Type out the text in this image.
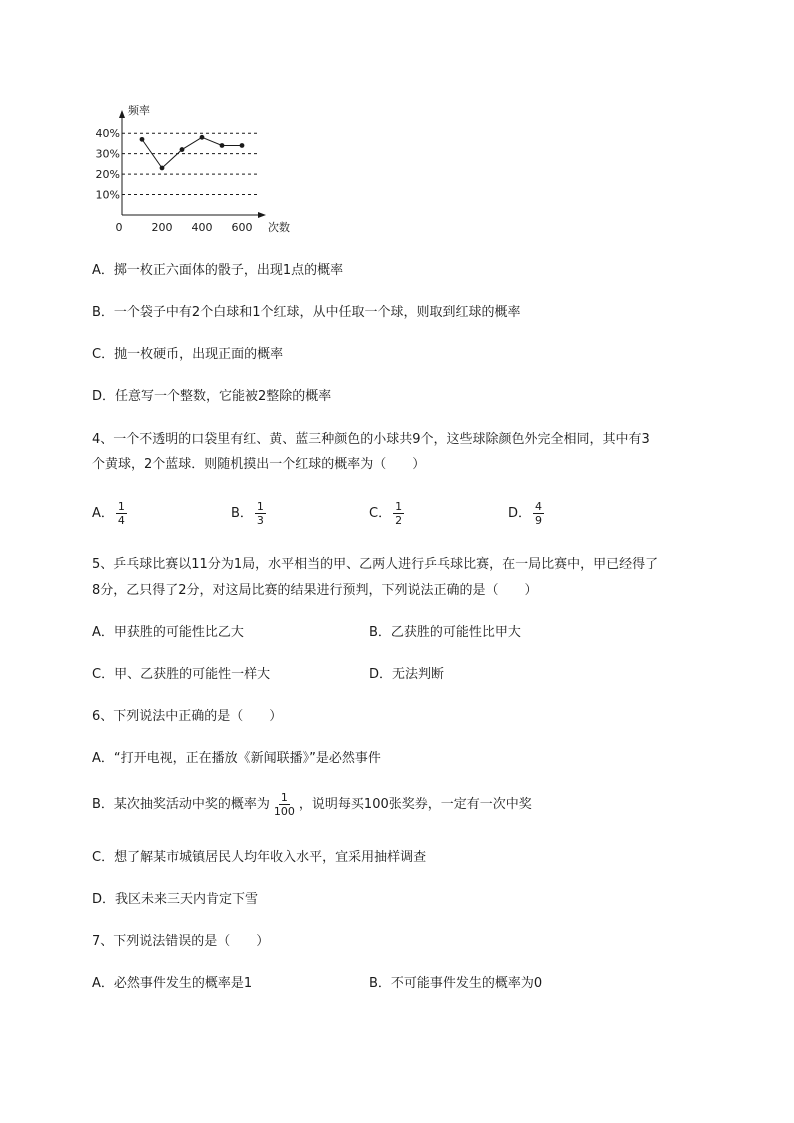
10%
20%
30%
40%
0	200 400 600
频率
次数
A．掷一枚正六面体的骰子，出现1点的概率
B．一个袋子中有2个白球和1个红球，从中任取一个球，则取到红球的概率
C．抛一枚硬币，出现正面的概率
D．任意写一个整数，它能被2整除的概率
4、一个不透明的口袋里有红、黄、蓝三种颜色的小球共9个，这些球除颜色外完全相同，其中有3
个黄球，2个蓝球．则随机摸出一个红球的概率为（　　）
A． $\frac{1}{4}$	B． $\frac{1}{3}$	C． $\frac{1}{2}$	D． $\frac{4}{9}$
5、乒乓球比赛以11分为1局，水平相当的甲、乙两人进行乒乓球比赛，在一局比赛中，甲已经得了
8分，乙只得了2分，对这局比赛的结果进行预判，下列说法正确的是（　　）
A．甲获胜的可能性比乙大	B．乙获胜的可能性比甲大
C．甲、乙获胜的可能性一样大	D．无法判断
6、下列说法中正确的是（　　）
A．“打开电视，正在播放《新闻联播》”是必然事件
B．某次抽奖活动中奖的概率为 $\frac{1}{100}$ ，说明每买100张奖券，一定有一次中奖
C．想了解某市城镇居民人均年收入水平，宜采用抽样调查
D．我区未来三天内肯定下雪
7、下列说法错误的是（　　）
A．必然事件发生的概率是1	B．不可能事件发生的概率为0
